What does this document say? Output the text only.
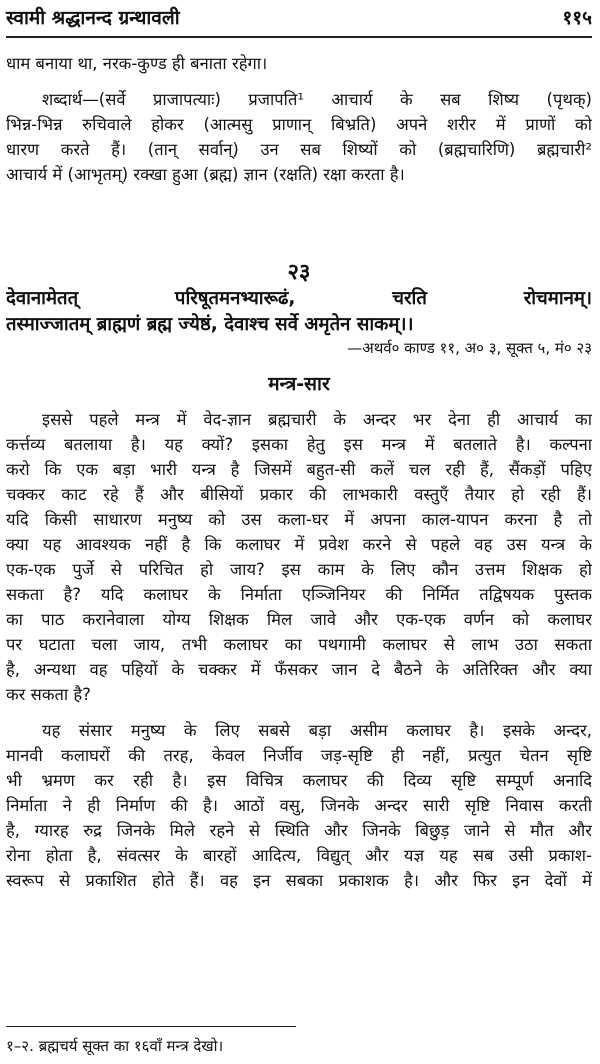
स्वामी श्रद्धानन्द ग्रन्थावली	११५
धाम बनाया था, नरक-कुण्ड ही बनाता रहेगा।
शब्दार्थ—(सर्वे प्राजापत्याः) प्रजापति¹ आचार्य के सब शिष्य (पृथक्)
भिन्न-भिन्न रुचिवाले होकर (आत्मसु प्राणान् बिभ्रति) अपने शरीर में प्राणों को
धारण करते हैं। (तान् सर्वान्) उन सब शिष्यों को (ब्रह्मचारिणि) ब्रह्मचारी²
आचार्य में (आभृतम्) रक्खा हुआ (ब्रह्म) ज्ञान (रक्षति) रक्षा करता है।
२३
देवानामेतत् परिषूतमनभ्यारूढं, चरति रोचमानम्।
तस्माज्जातम् ब्राह्मणं ब्रह्म ज्येष्ठं, देवाश्च सर्वे अमृतेन साकम्।।
—अथर्व० काण्ड ११, अ० ३, सूक्त ५, मं० २३
मन्त्र-सार
इससे पहले मन्त्र में वेद-ज्ञान ब्रह्मचारी के अन्दर भर देना ही आचार्य का
कर्त्तव्य बतलाया है। यह क्यों? इसका हेतु इस मन्त्र में बतलाते है। कल्पना
करो कि एक बड़ा भारी यन्त्र है जिसमें बहुत-सी कलें चल रही हैं, सैंकड़ों पहिए
चक्कर काट रहे हैं और बीसियों प्रकार की लाभकारी वस्तुएँ तैयार हो रही हैं।
यदि किसी साधारण मनुष्य को उस कला-घर में अपना काल-यापन करना है तो
क्या यह आवश्यक नहीं है कि कलाघर में प्रवेश करने से पहले वह उस यन्त्र के
एक-एक पुर्जे से परिचित हो जाय? इस काम के लिए कौन उत्तम शिक्षक हो
सकता है? यदि कलाघर के निर्माता एञ्जिनियर की निर्मित तद्विषयक पुस्तक
का पाठ करानेवाला योग्य शिक्षक मिल जावे और एक-एक वर्णन को कलाघर
पर घटाता चला जाय, तभी कलाघर का पथगामी कलाघर से लाभ उठा सकता
है, अन्यथा वह पहियों के चक्कर में फँसकर जान दे बैठने के अतिरिक्त और क्या
कर सकता है?
यह संसार मनुष्य के लिए सबसे बड़ा असीम कलाघर है। इसके अन्दर,
मानवी कलाघरों की तरह, केवल निर्जीव जड़-सृष्टि ही नहीं, प्रत्युत चेतन सृष्टि
भी भ्रमण कर रही है। इस विचित्र कलाघर की दिव्य सृष्टि सम्पूर्ण अनादि
निर्माता ने ही निर्माण की है। आठों वसु, जिनके अन्दर सारी सृष्टि निवास करती
है, ग्यारह रुद्र जिनके मिले रहने से स्थिति और जिनके बिछुड़ जाने से मौत और
रोना होता है, संवत्सर के बारहों आदित्य, विद्युत् और यज्ञ यह सब उसी प्रकाश-
स्वरूप से प्रकाशित होते हैं। वह इन सबका प्रकाशक है। और फिर इन देवों में
१–२. ब्रह्मचर्य सूक्त का १६वाँ मन्त्र देखो।
